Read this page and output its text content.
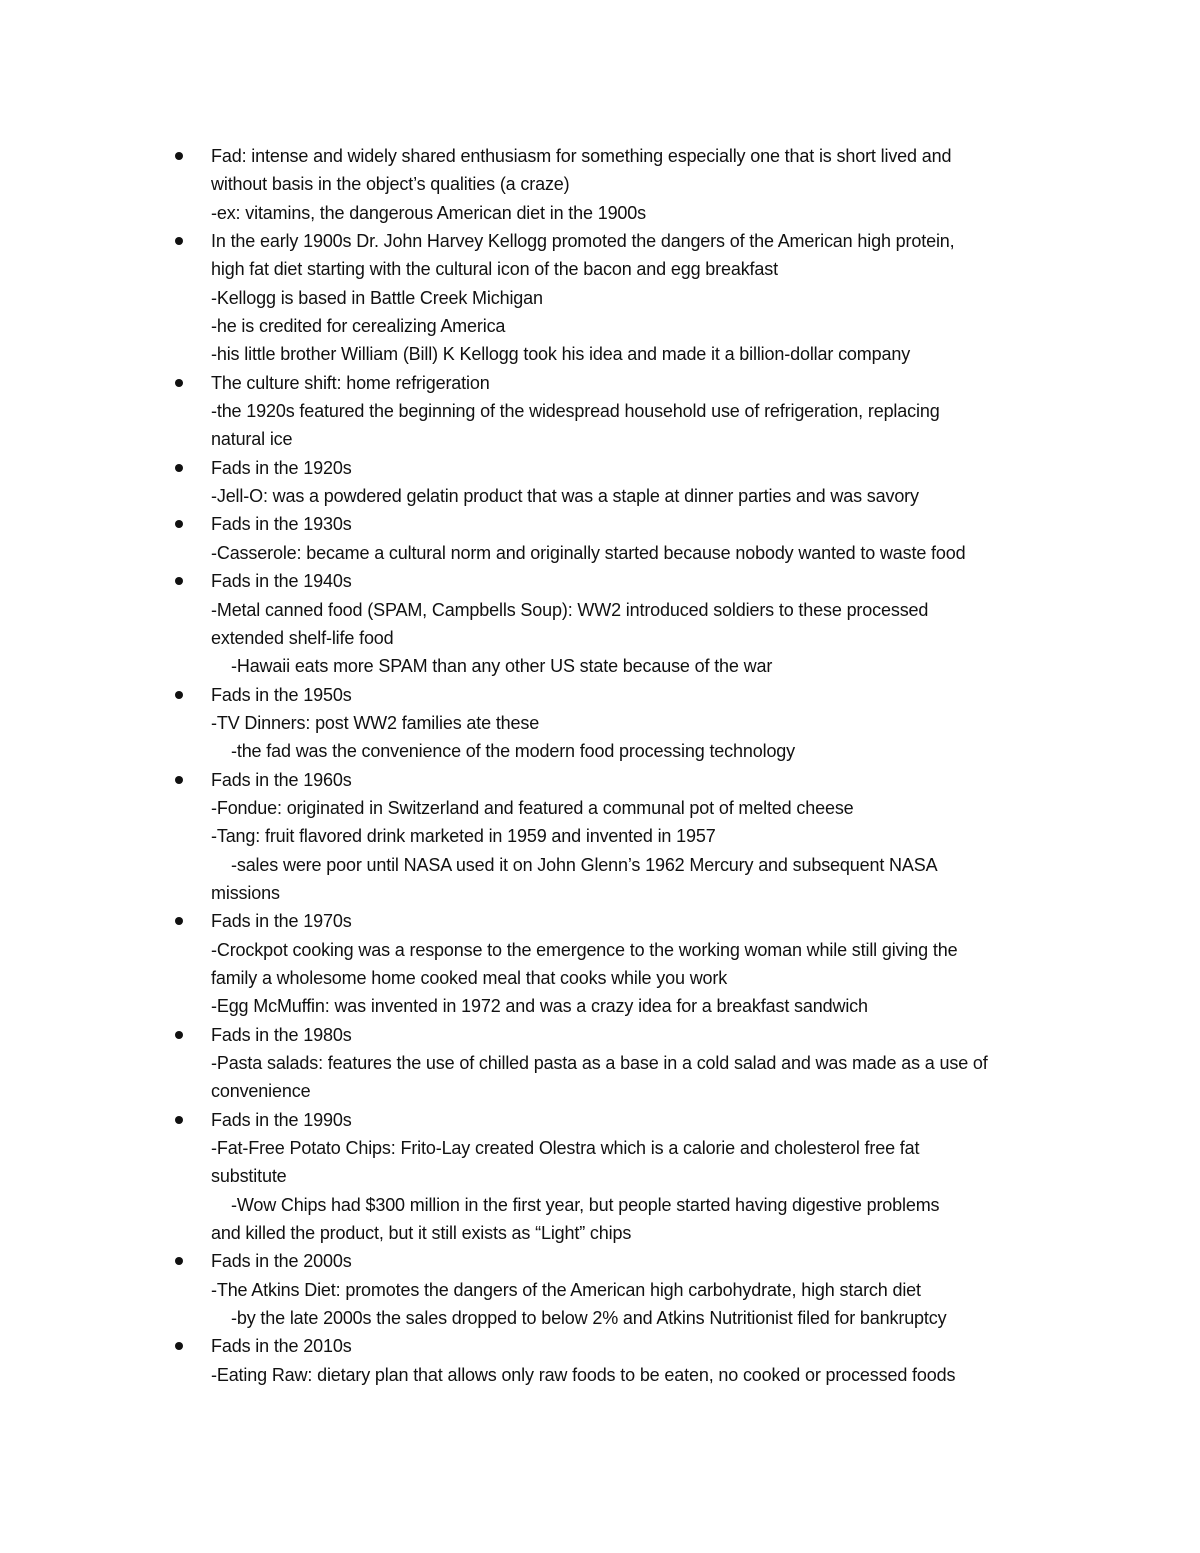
Fad: intense and widely shared enthusiasm for something especially one that is short lived and
without basis in the object’s qualities (a craze)
-ex: vitamins, the dangerous American diet in the 1900s
In the early 1900s Dr. John Harvey Kellogg promoted the dangers of the American high protein,
high fat diet starting with the cultural icon of the bacon and egg breakfast
-Kellogg is based in Battle Creek Michigan
-he is credited for cerealizing America
-his little brother William (Bill) K Kellogg took his idea and made it a billion-dollar company
The culture shift: home refrigeration
-the 1920s featured the beginning of the widespread household use of refrigeration, replacing
natural ice
Fads in the 1920s
-Jell-O: was a powdered gelatin product that was a staple at dinner parties and was savory
Fads in the 1930s
-Casserole: became a cultural norm and originally started because nobody wanted to waste food
Fads in the 1940s
-Metal canned food (SPAM, Campbells Soup): WW2 introduced soldiers to these processed
extended shelf-life food
-Hawaii eats more SPAM than any other US state because of the war
Fads in the 1950s
-TV Dinners: post WW2 families ate these
-the fad was the convenience of the modern food processing technology
Fads in the 1960s
-Fondue: originated in Switzerland and featured a communal pot of melted cheese
-Tang: fruit flavored drink marketed in 1959 and invented in 1957
-sales were poor until NASA used it on John Glenn’s 1962 Mercury and subsequent NASA
missions
Fads in the 1970s
-Crockpot cooking was a response to the emergence to the working woman while still giving the
family a wholesome home cooked meal that cooks while you work
-Egg McMuffin: was invented in 1972 and was a crazy idea for a breakfast sandwich
Fads in the 1980s
-Pasta salads: features the use of chilled pasta as a base in a cold salad and was made as a use of
convenience
Fads in the 1990s
-Fat-Free Potato Chips: Frito-Lay created Olestra which is a calorie and cholesterol free fat
substitute
-Wow Chips had $300 million in the first year, but people started having digestive problems
and killed the product, but it still exists as “Light” chips
Fads in the 2000s
-The Atkins Diet: promotes the dangers of the American high carbohydrate, high starch diet
-by the late 2000s the sales dropped to below 2% and Atkins Nutritionist filed for bankruptcy
Fads in the 2010s
-Eating Raw: dietary plan that allows only raw foods to be eaten, no cooked or processed foods
